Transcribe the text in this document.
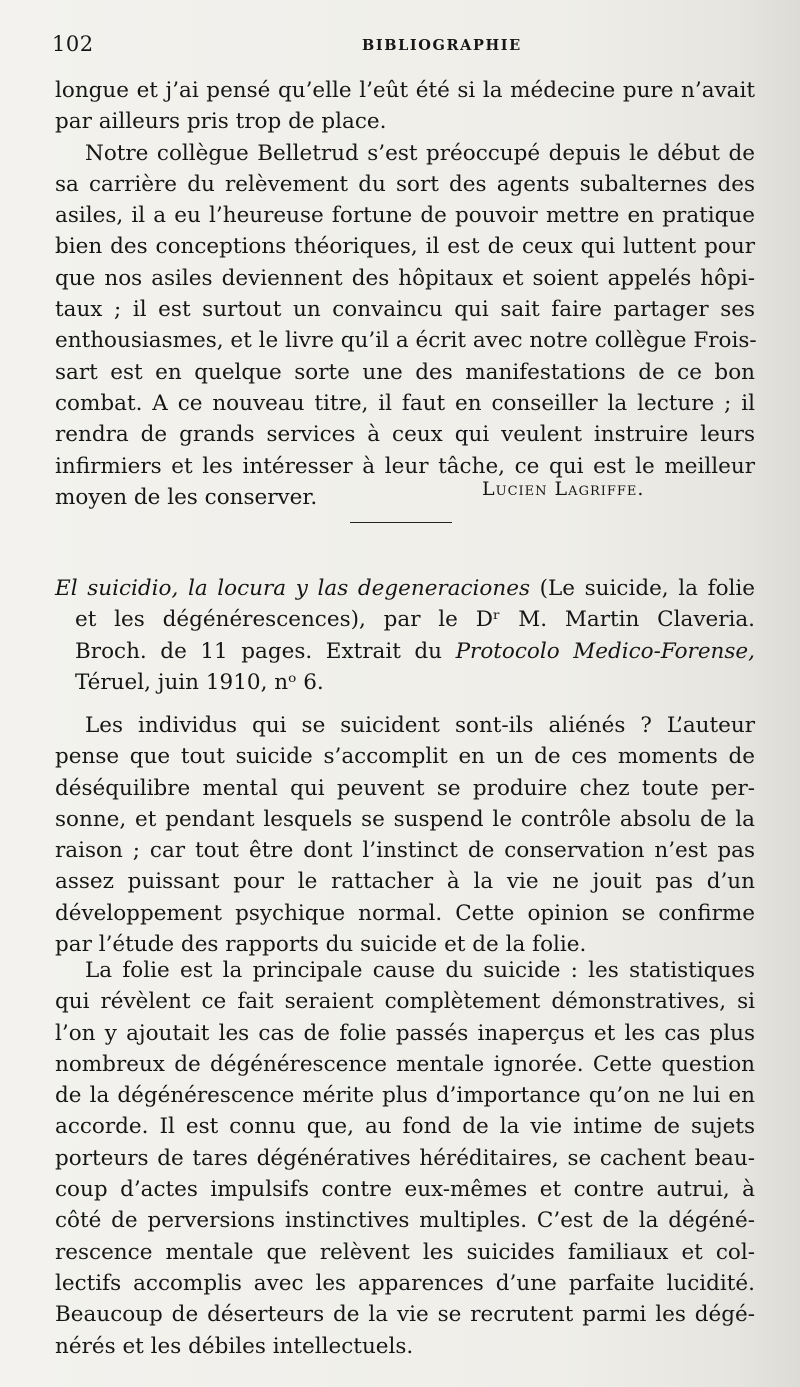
102	BIBLIOGRAPHIE
longue et j’ai pensé qu’elle l’eût été si la médecine pure n’avait
par ailleurs pris trop de place.
Notre collègue Belletrud s’est préoccupé depuis le début de
sa carrière du relèvement du sort des agents subalternes des
asiles, il a eu l’heureuse fortune de pouvoir mettre en pratique
bien des conceptions théoriques, il est de ceux qui luttent pour
que nos asiles deviennent des hôpitaux et soient appelés hôpi-
taux ; il est surtout un convaincu qui sait faire partager ses
enthousiasmes, et le livre qu’il a écrit avec notre collègue Frois-
sart est en quelque sorte une des manifestations de ce bon
combat. A ce nouveau titre, il faut en conseiller la lecture ; il
rendra de grands services à ceux qui veulent instruire leurs
infirmiers et les intéresser à leur tâche, ce qui est le meilleur
moyen de les conserver.	Lucien Lagriffe.
El suicidio, la locura y las degeneraciones (Le suicide, la folie
et les dégénérescences), par le Dʳ M. Martin Claveria.
Broch. de 11 pages. Extrait du Protocolo Medico-Forense,
Téruel, juin 1910, nᵒ 6.
Les individus qui se suicident sont-ils aliénés ? L’auteur
pense que tout suicide s’accomplit en un de ces moments de
déséquilibre mental qui peuvent se produire chez toute per-
sonne, et pendant lesquels se suspend le contrôle absolu de la
raison ; car tout être dont l’instinct de conservation n’est pas
assez puissant pour le rattacher à la vie ne jouit pas d’un
développement psychique normal. Cette opinion se confirme
par l’étude des rapports du suicide et de la folie.
La folie est la principale cause du suicide : les statistiques
qui révèlent ce fait seraient complètement démonstratives, si
l’on y ajoutait les cas de folie passés inaperçus et les cas plus
nombreux de dégénérescence mentale ignorée. Cette question
de la dégénérescence mérite plus d’importance qu’on ne lui en
accorde. Il est connu que, au fond de la vie intime de sujets
porteurs de tares dégénératives héréditaires, se cachent beau-
coup d’actes impulsifs contre eux-mêmes et contre autrui, à
côté de perversions instinctives multiples. C’est de la dégéné-
rescence mentale que relèvent les suicides familiaux et col-
lectifs accomplis avec les apparences d’une parfaite lucidité.
Beaucoup de déserteurs de la vie se recrutent parmi les dégé-
nérés et les débiles intellectuels.
